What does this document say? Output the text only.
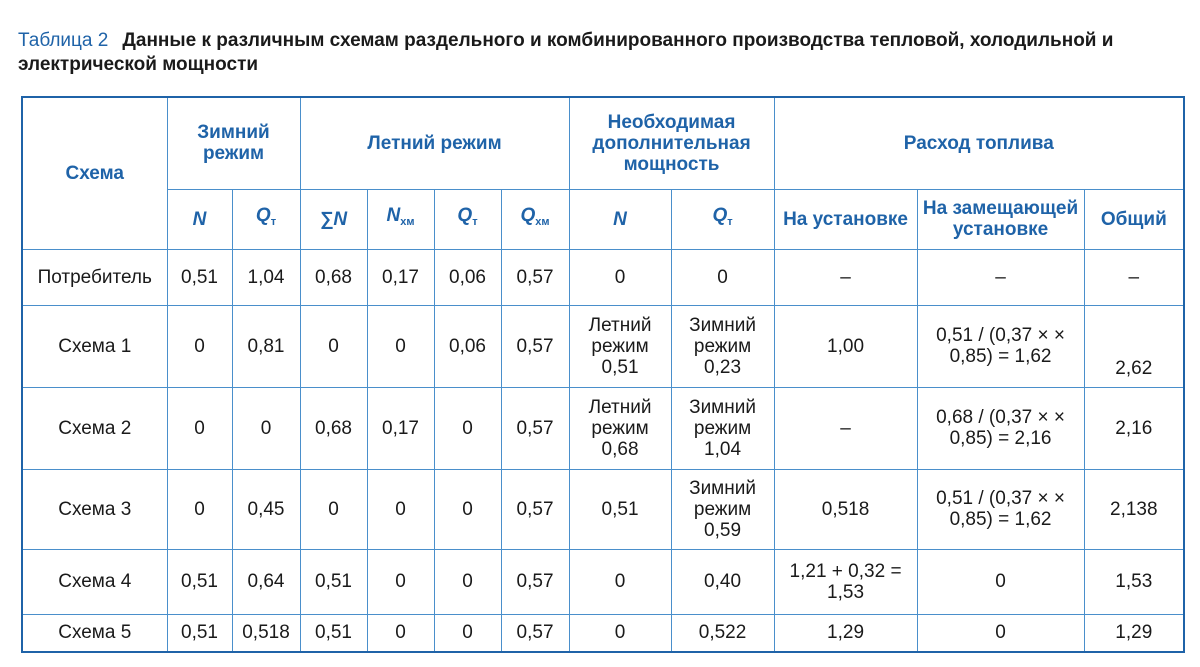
Таблица 2 Данные к различным схемам раздельного и комбинированного производства тепловой, холодильной и электрической мощности
Схема	Зимний режим		Летний режим				Необходимая дополнительная мощность		Расход топлива		
	N	$Q_т$	∑N	$N_{хм}$	$Q_т$	$Q_{хм}$	N	$Q_т$	На установке	На замещающей установке	Общий
Потребитель	0,51	1,04	0,68	0,17	0,06	0,57	0	0	–	–	–
Схема 1	0	0,81	0	0	0,06	0,57	Летний режим 0,51	Зимний режим 0,23	1,00	0,51 / (0,37 × × 0,85) = 1,62	2,62
Схема 2	0	0	0,68	0,17	0	0,57	Летний режим 0,68	Зимний режим 1,04	–	0,68 / (0,37 × × 0,85) = 2,16	2,16
Схема 3	0	0,45	0	0	0	0,57	0,51	Зимний режим 0,59	0,518	0,51 / (0,37 × × 0,85) = 1,62	2,138
Схема 4	0,51	0,64	0,51	0	0	0,57	0	0,40	1,21 + 0,32 = 1,53	0	1,53
Схема 5	0,51	0,518	0,51	0	0	0,57	0	0,522	1,29	0	1,29
